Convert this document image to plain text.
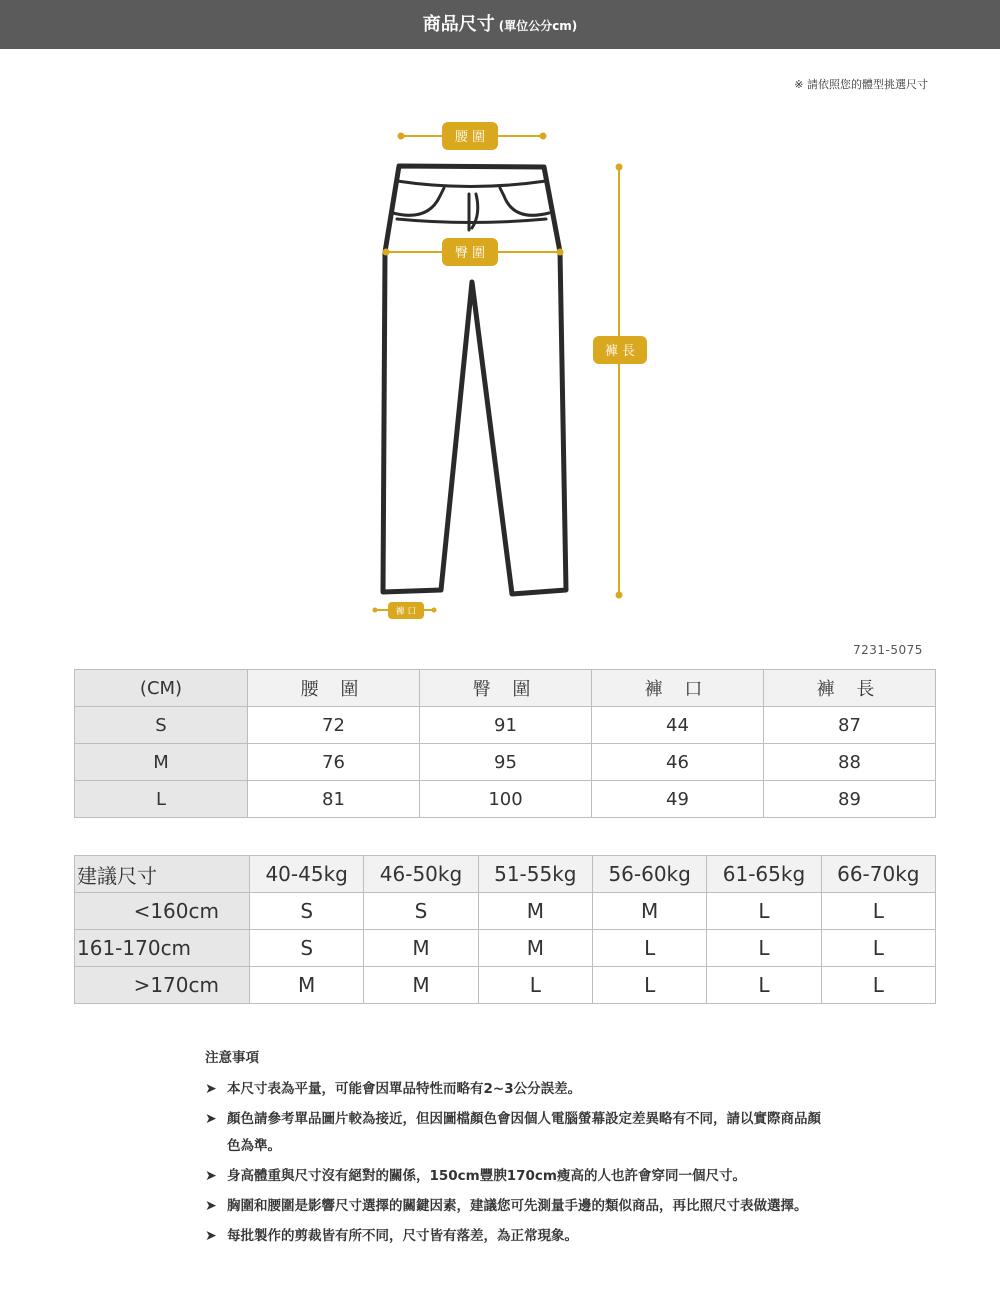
商品尺寸 (單位公分cm)
※ 請依照您的體型挑選尺寸
腰 圍
臀 圍
褲 長
褲 口
7231-5075
(CM)	腰 圍	臀 圍	褲 口	褲 長
S	72	91	44	87
M	76	95	46	88
L	81	100	49	89
建議尺寸	40-45kg	46-50kg	51-55kg	56-60kg	61-65kg	66-70kg
<160cm	S	S	M	M	L	L
161-170cm	S	M	M	L	L	L
>170cm	M	M	L	L	L	L
注意事項
➤ 本尺寸表為平量，可能會因單品特性而略有2~3公分誤差。
➤ 顏色請參考單品圖片較為接近，但因圖檔顏色會因個人電腦螢幕設定差異略有不同，請以實際商品顏色為準。
➤ 身高體重與尺寸沒有絕對的關係，150cm豐腴170cm瘦高的人也許會穿同一個尺寸。
➤ 胸圍和腰圍是影響尺寸選擇的關鍵因素，建議您可先測量手邊的類似商品，再比照尺寸表做選擇。
➤ 每批製作的剪裁皆有所不同，尺寸皆有落差，為正常現象。
